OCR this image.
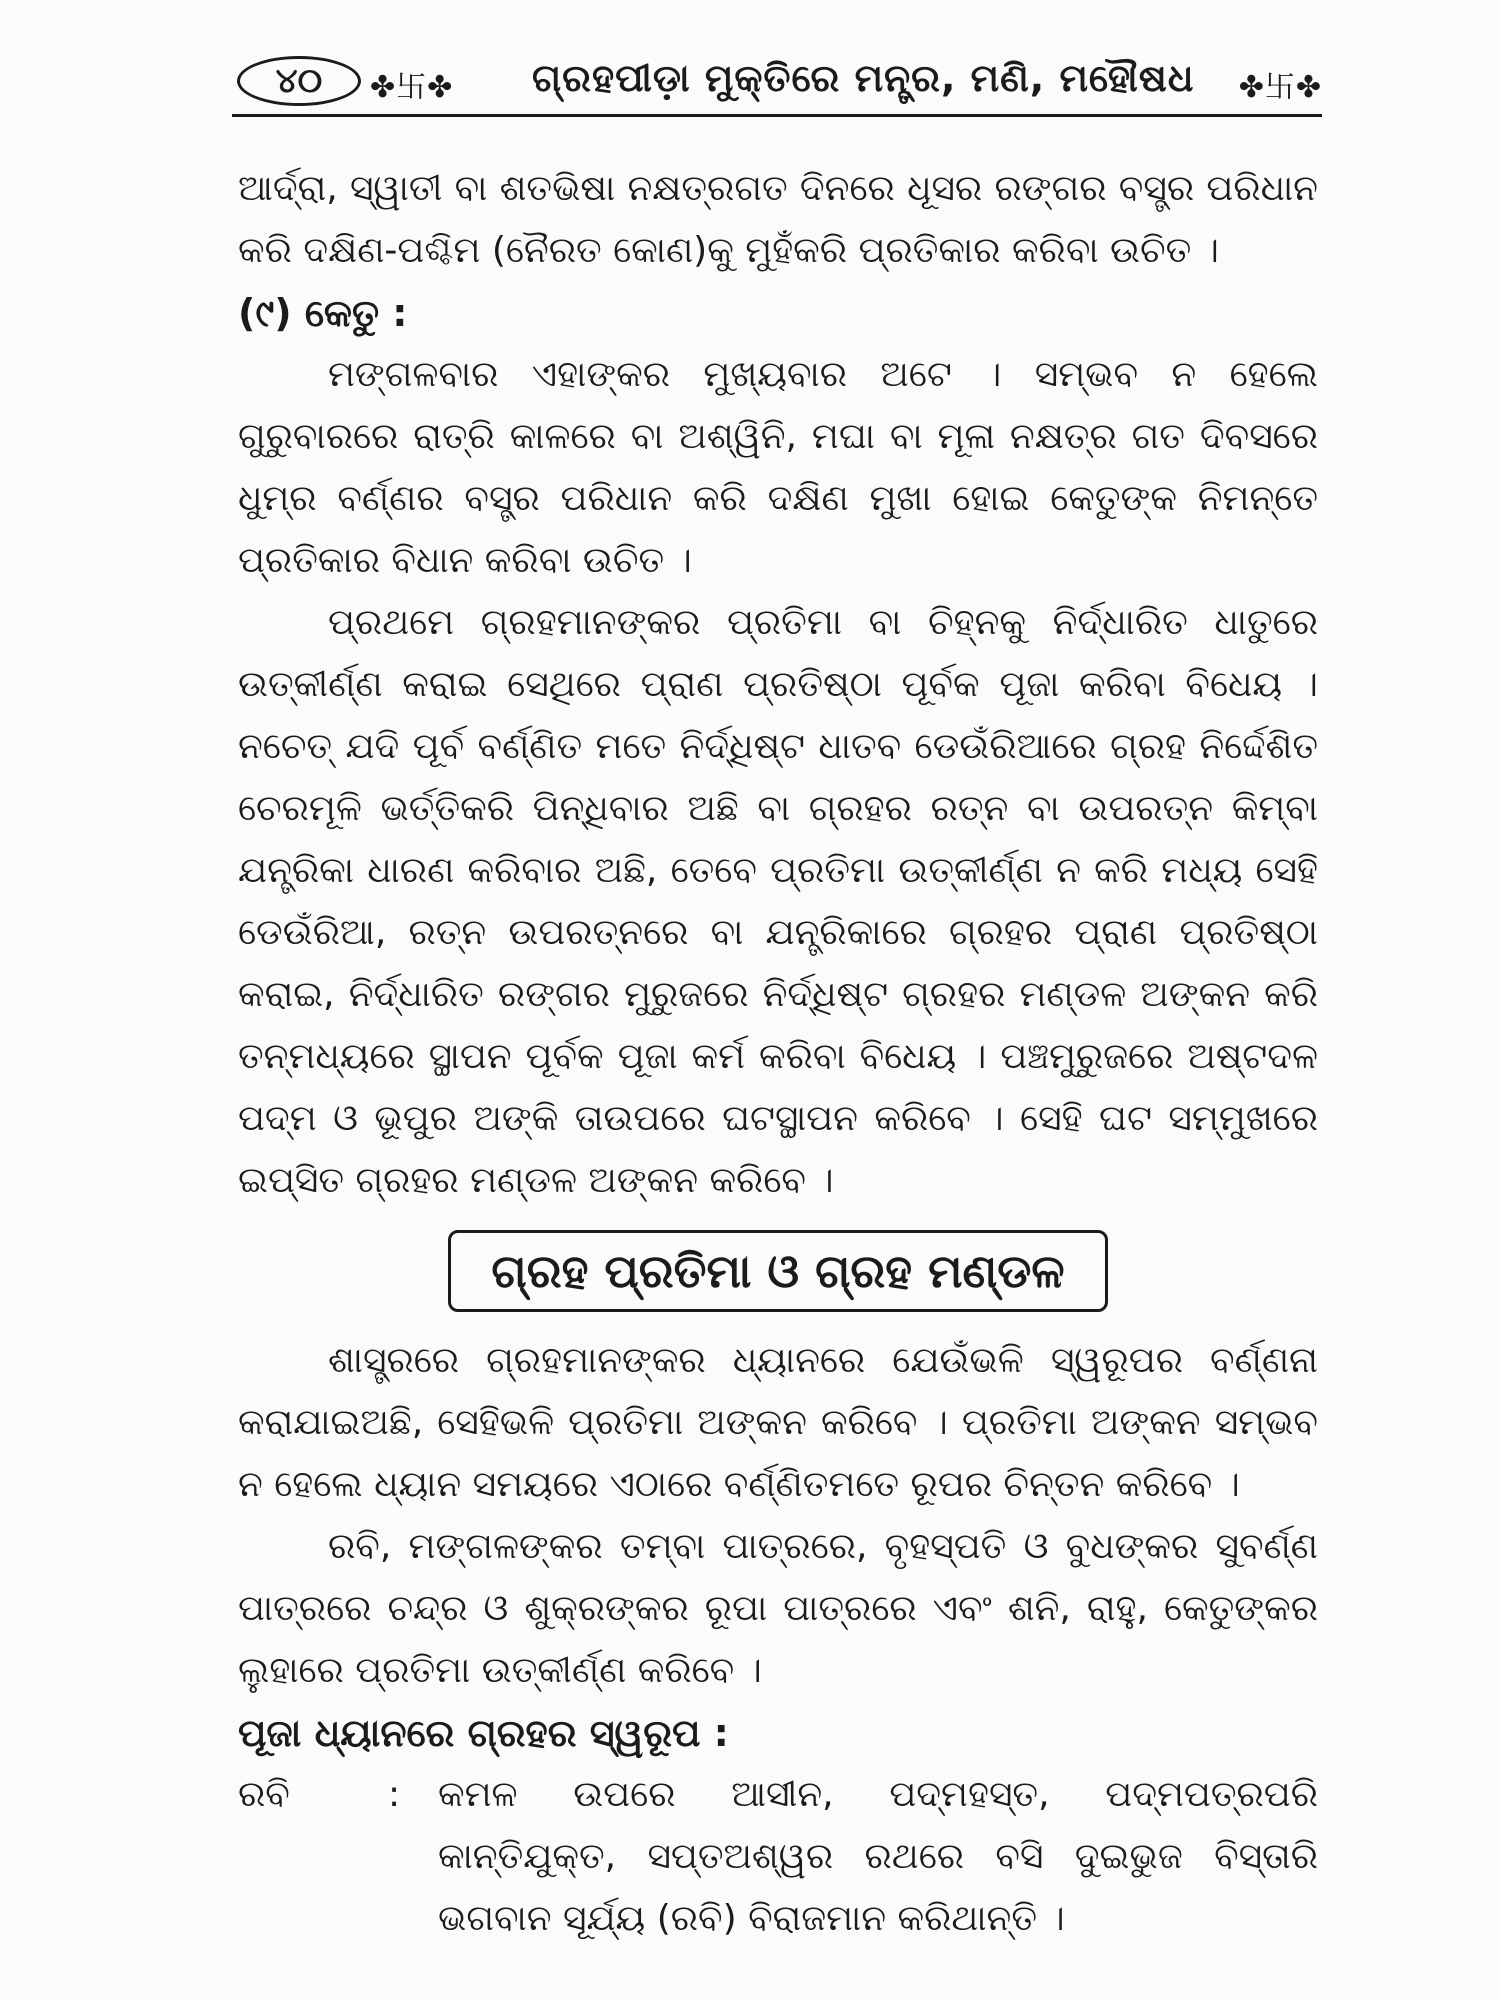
୪୦	✤卐✤ ଗ୍ରହପୀଡ଼ା ମୁକ୍ତିରେ ମନ୍ତ୍ର, ମଣି, ମହୌଷଧ ✤卐✤

ଆର୍ଦ୍ରା, ସ୍ୱାତୀ ବା ଶତଭିଷା ନକ୍ଷତ୍ରଗତ ଦିନରେ ଧୂସର ରଙ୍ଗର ବସ୍ତ୍ର ପରିଧାନ କରି ଦକ୍ଷିଣ-ପଶ୍ଚିମ (ନୈରତ କୋଣ)କୁ ମୁହଁକରି ପ୍ରତିକାର କରିବା ଉଚିତ ।

(୯) କେତୁ :

ମଙ୍ଗଳବାର ଏହାଙ୍କର ମୁଖ୍ୟବାର ଅଟେ । ସମ୍ଭବ ନ ହେଲେ ଗୁରୁବାରରେ ରାତ୍ରି କାଳରେ ବା ଅଶ୍ୱିନି, ମଘା ବା ମୂଳା ନକ୍ଷତ୍ର ଗତ ଦିବସରେ ଧୁମ୍ର ବର୍ଣ୍ଣର ବସ୍ତ୍ର ପରିଧାନ କରି ଦକ୍ଷିଣ ମୁଖା ହୋଇ କେତୁଙ୍କ ନିମନ୍ତେ ପ୍ରତିକାର ବିଧାନ କରିବା ଉଚିତ ।

ପ୍ରଥମେ ଗ୍ରହମାନଙ୍କର ପ୍ରତିମା ବା ଚିହ୍ନକୁ ନିର୍ଦ୍ଧାରିତ ଧାତୁରେ ଉତ୍କୀର୍ଣ୍ଣ କରାଇ ସେଥିରେ ପ୍ରାଣ ପ୍ରତିଷ୍ଠା ପୂର୍ବକ ପୂଜା କରିବା ବିଧେୟ । ନଚେତ୍ ଯଦି ପୂର୍ବ ବର୍ଣ୍ଣିତ ମତେ ନିର୍ଦ୍ଧିଷ୍ଟ ଧାତବ ଡେଉଁରିଆରେ ଗ୍ରହ ନିର୍ଦ୍ଦେଶିତ ଚେରମୂଳି ଭର୍ତ୍ତିକରି ପିନ୍ଧିବାର ଅଛି ବା ଗ୍ରହର ରତ୍ନ ବା ଉପରତ୍ନ କିମ୍ବା ଯନ୍ତ୍ରିକା ଧାରଣ କରିବାର ଅଛି, ତେବେ ପ୍ରତିମା ଉତ୍କୀର୍ଣ୍ଣ ନ କରି ମଧ୍ୟ ସେହି ଡେଉଁରିଆ, ରତ୍ନ ଉପରତ୍ନରେ ବା ଯନ୍ତ୍ରିକାରେ ଗ୍ରହର ପ୍ରାଣ ପ୍ରତିଷ୍ଠା କରାଇ, ନିର୍ଦ୍ଧାରିତ ରଙ୍ଗର ମୁରୁଜରେ ନିର୍ଦ୍ଧିଷ୍ଟ ଗ୍ରହର ମଣ୍ଡଳ ଅଙ୍କନ କରି ତନ୍ମଧ୍ୟରେ ସ୍ଥାପନ ପୂର୍ବକ ପୂଜା କର୍ମ କରିବା ବିଧେୟ । ପଞ୍ଚମୁରୁଜରେ ଅଷ୍ଟଦଳ ପଦ୍ମ ଓ ଭୂପୁର ଅଙ୍କି ତାଉପରେ ଘଟସ୍ଥାପନ କରିବେ । ସେହି ଘଟ ସମ୍ମୁଖରେ ଇପ୍ସିତ ଗ୍ରହର ମଣ୍ଡଳ ଅଙ୍କନ କରିବେ ।

ଗ୍ରହ ପ୍ରତିମା ଓ ଗ୍ରହ ମଣ୍ଡଳ

ଶାସ୍ତ୍ରରେ ଗ୍ରହମାନଙ୍କର ଧ୍ୟାନରେ ଯେଉଁଭଳି ସ୍ୱରୂପର ବର୍ଣ୍ଣନା କରାଯାଇଅଛି, ସେହିଭଳି ପ୍ରତିମା ଅଙ୍କନ କରିବେ । ପ୍ରତିମା ଅଙ୍କନ ସମ୍ଭବ ନ ହେଲେ ଧ୍ୟାନ ସମୟରେ ଏଠାରେ ବର୍ଣ୍ଣିତମତେ ରୂପର ଚିନ୍ତନ କରିବେ ।

ରବି, ମଙ୍ଗଳଙ୍କର ତମ୍ବା ପାତ୍ରରେ, ବୃହସ୍ପତି ଓ ବୁଧଙ୍କର ସୁବର୍ଣ୍ଣ ପାତ୍ରରେ ଚନ୍ଦ୍ର ଓ ଶୁକ୍ରଙ୍କର ରୂପା ପାତ୍ରରେ ଏବଂ ଶନି, ରାହୁ, କେତୁଙ୍କର ଲୁହାରେ ପ୍ରତିମା ଉତ୍କୀର୍ଣ୍ଣ କରିବେ ।

ପୂଜା ଧ୍ୟାନରେ ଗ୍ରହର ସ୍ୱରୂପ :

ରବି	:	କମଳ ଉପରେ ଆସୀନ, ପଦ୍ମହସ୍ତ, ପଦ୍ମପତ୍ରପରି କାନ୍ତିଯୁକ୍ତ, ସପ୍ତଅଶ୍ୱର ରଥରେ ବସି ଦୁଇଭୁଜ ବିସ୍ତାରି ଭଗବାନ ସୂର୍ଯ୍ୟ (ରବି) ବିରାଜମାନ କରିଥାନ୍ତି ।
